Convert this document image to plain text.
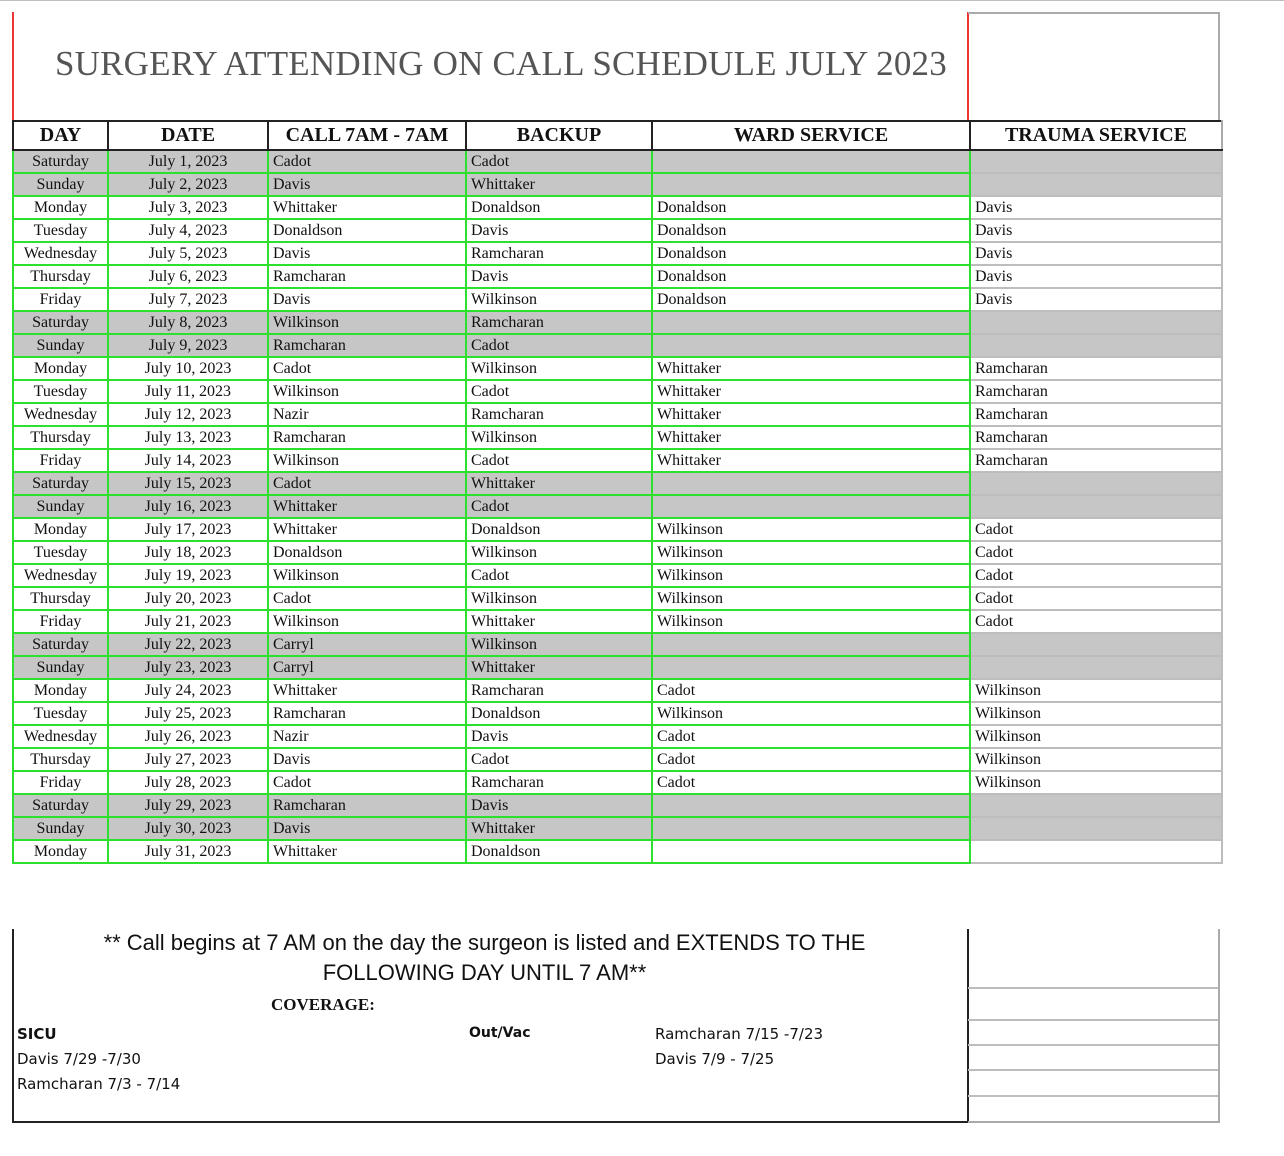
SURGERY ATTENDING ON CALL SCHEDULE JULY 2023
DAY	DATE	CALL 7AM - 7AM	BACKUP	WARD SERVICE	TRAUMA SERVICE
Saturday	July 1, 2023	Cadot	Cadot		
Sunday	July 2, 2023	Davis	Whittaker		
Monday	July 3, 2023	Whittaker	Donaldson	Donaldson	Davis
Tuesday	July 4, 2023	Donaldson	Davis	Donaldson	Davis
Wednesday	July 5, 2023	Davis	Ramcharan	Donaldson	Davis
Thursday	July 6, 2023	Ramcharan	Davis	Donaldson	Davis
Friday	July 7, 2023	Davis	Wilkinson	Donaldson	Davis
Saturday	July 8, 2023	Wilkinson	Ramcharan		
Sunday	July 9, 2023	Ramcharan	Cadot		
Monday	July 10, 2023	Cadot	Wilkinson	Whittaker	Ramcharan
Tuesday	July 11, 2023	Wilkinson	Cadot	Whittaker	Ramcharan
Wednesday	July 12, 2023	Nazir	Ramcharan	Whittaker	Ramcharan
Thursday	July 13, 2023	Ramcharan	Wilkinson	Whittaker	Ramcharan
Friday	July 14, 2023	Wilkinson	Cadot	Whittaker	Ramcharan
Saturday	July 15, 2023	Cadot	Whittaker		
Sunday	July 16, 2023	Whittaker	Cadot		
Monday	July 17, 2023	Whittaker	Donaldson	Wilkinson	Cadot
Tuesday	July 18, 2023	Donaldson	Wilkinson	Wilkinson	Cadot
Wednesday	July 19, 2023	Wilkinson	Cadot	Wilkinson	Cadot
Thursday	July 20, 2023	Cadot	Wilkinson	Wilkinson	Cadot
Friday	July 21, 2023	Wilkinson	Whittaker	Wilkinson	Cadot
Saturday	July 22, 2023	Carryl	Wilkinson		
Sunday	July 23, 2023	Carryl	Whittaker		
Monday	July 24, 2023	Whittaker	Ramcharan	Cadot	Wilkinson
Tuesday	July 25, 2023	Ramcharan	Donaldson	Wilkinson	Wilkinson
Wednesday	July 26, 2023	Nazir	Davis	Cadot	Wilkinson
Thursday	July 27, 2023	Davis	Cadot	Cadot	Wilkinson
Friday	July 28, 2023	Cadot	Ramcharan	Cadot	Wilkinson
Saturday	July 29, 2023	Ramcharan	Davis		
Sunday	July 30, 2023	Davis	Whittaker		
Monday	July 31, 2023	Whittaker	Donaldson		
** Call begins at 7 AM on the day the surgeon is listed and EXTENDS TO THE
FOLLOWING DAY UNTIL 7 AM**
COVERAGE:
SICU
Davis 7/29 -7/30
Ramcharan 7/3 - 7/14
Out/Vac	Ramcharan 7/15 -7/23
Davis 7/9 - 7/25
